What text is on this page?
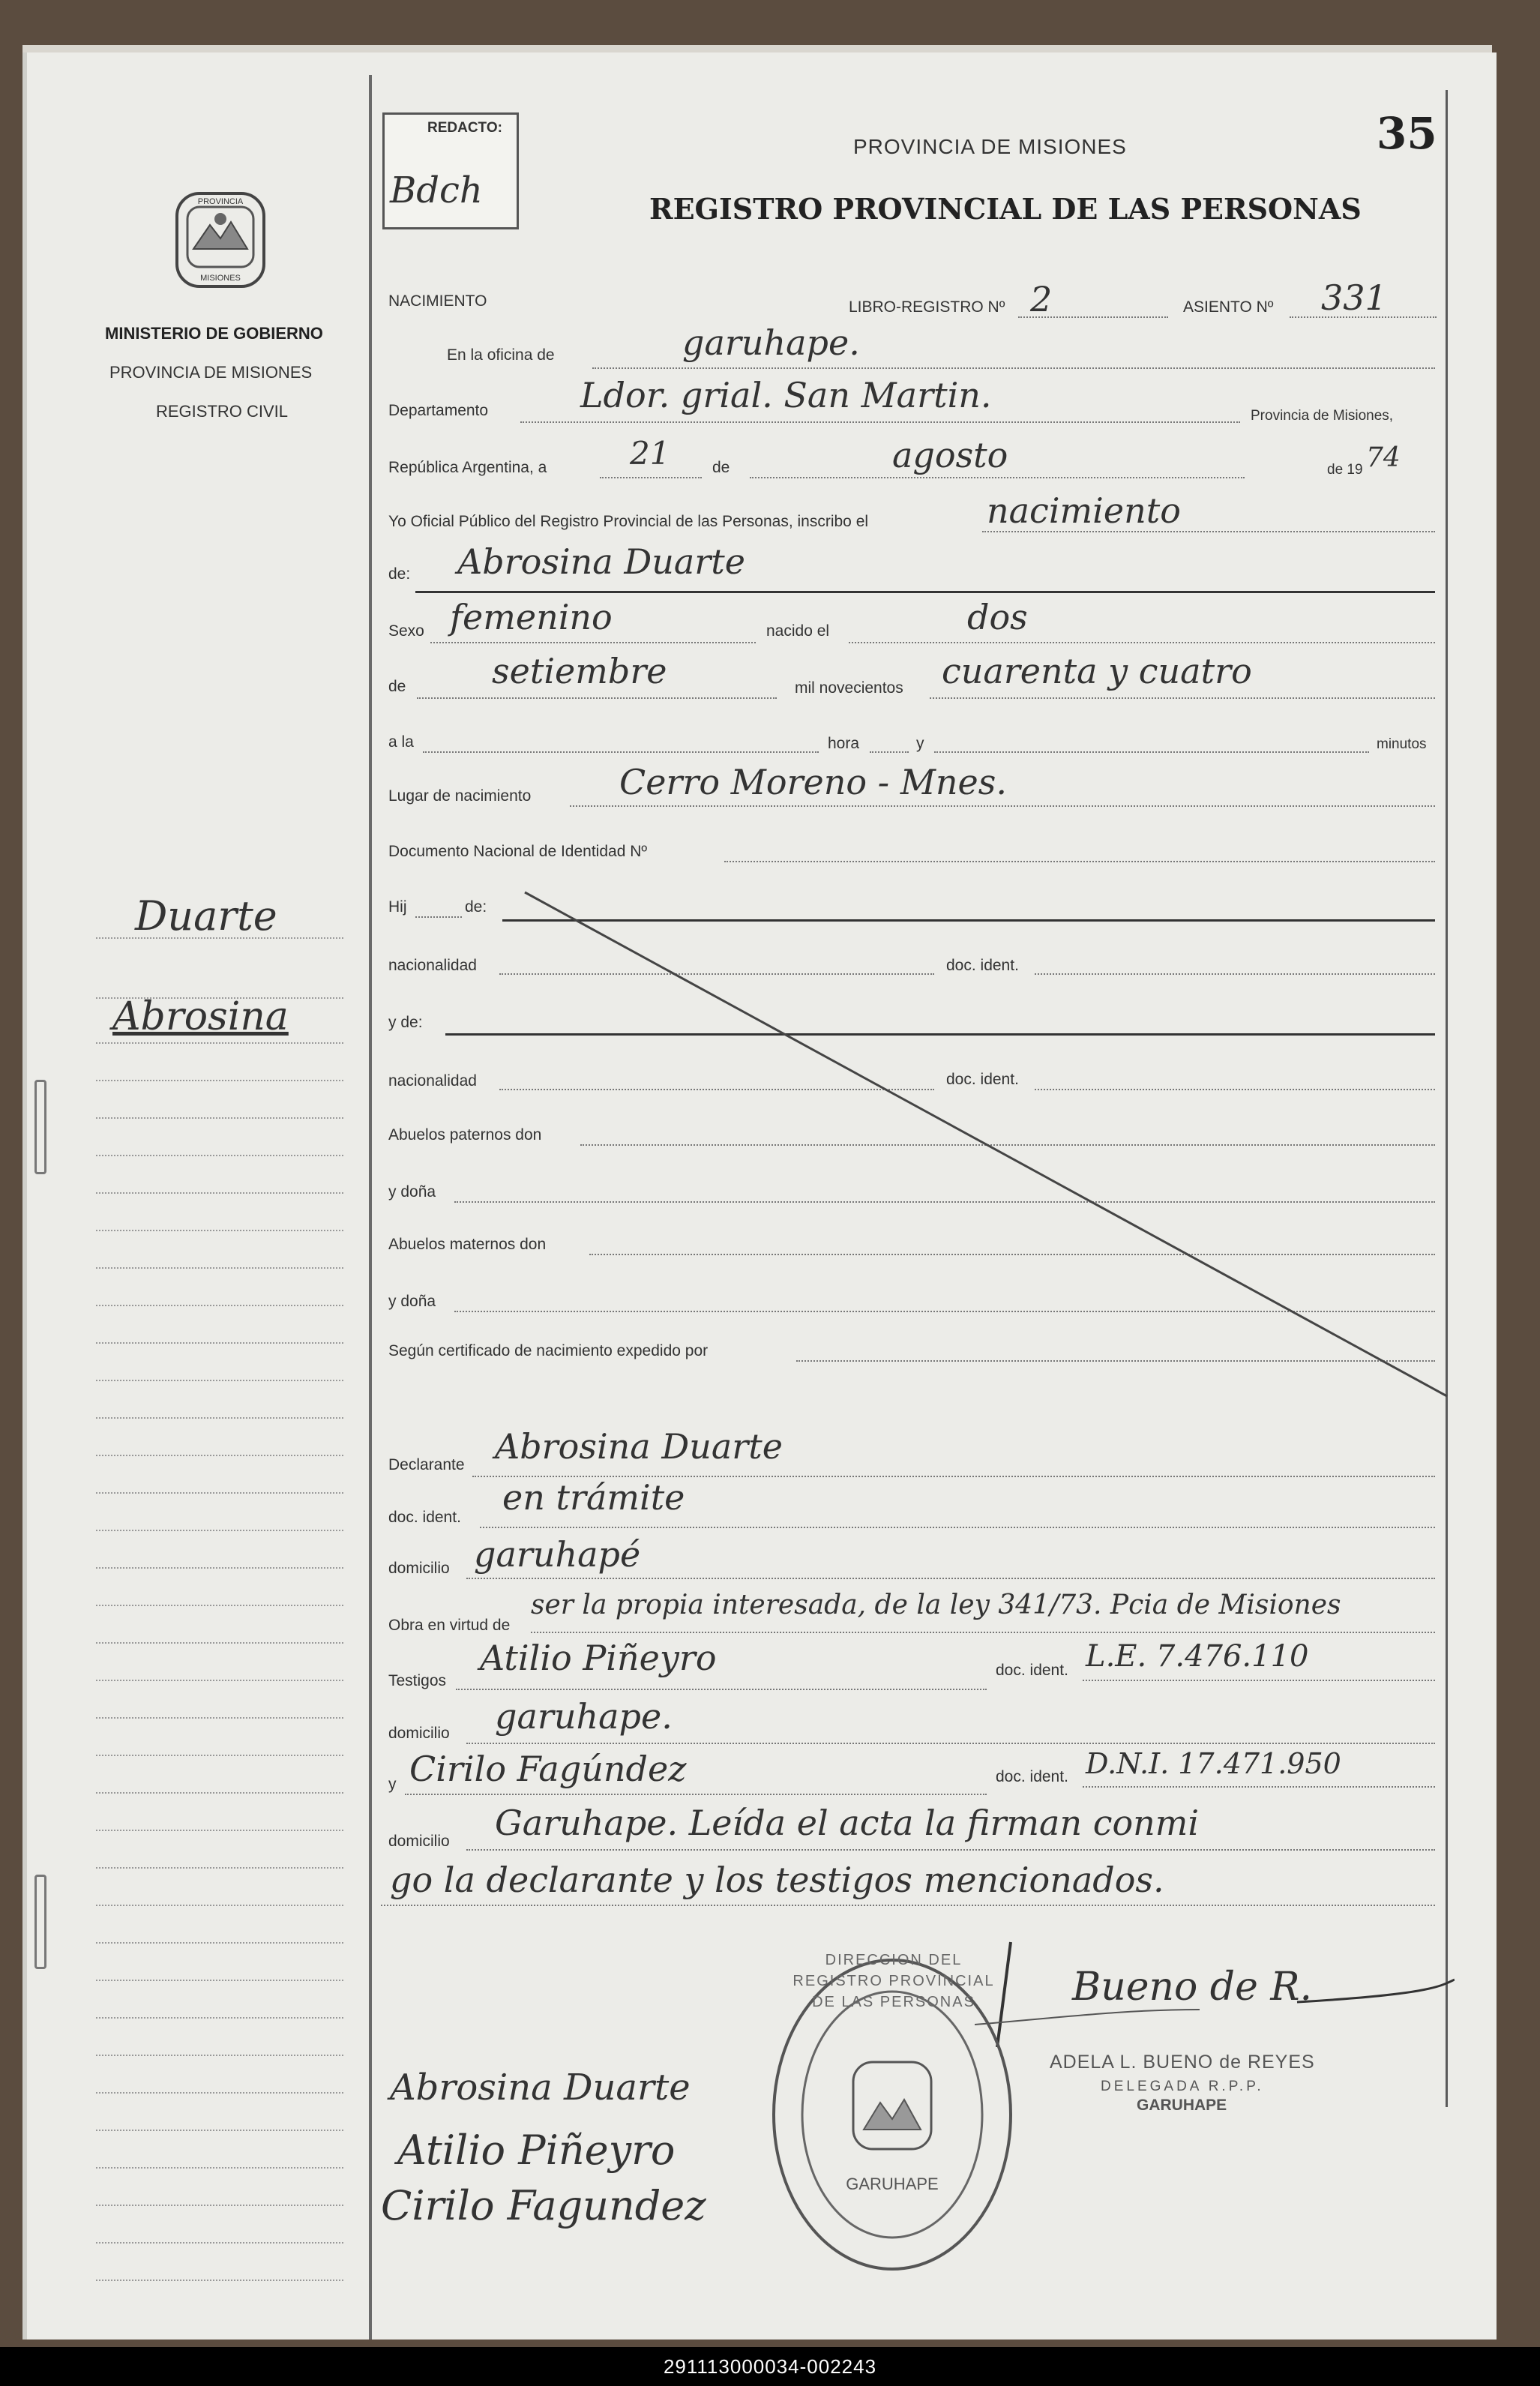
35
REDACTO:
Bdch
PROVINCIA DE MISIONES
REGISTRO PROVINCIAL DE LAS PERSONAS
PROVINCIA
MISIONES
MINISTERIO DE GOBIERNO
PROVINCIA DE MISIONES
REGISTRO CIVIL
Duarte
Abrosina
NACIMIENTO	LIBRO-REGISTRO Nº 2	ASIENTO Nº 331
En la oficina de	garuhape.
Departamento	Ldor. grial. San Martin.
Provincia de Misiones,
República Argentina, a	21	de	agosto	de 19 74
Yo Oficial Público del Registro Provincial de las Personas, inscribo el	nacimiento
de: Abrosina Duarte
Sexo femenino	nacido el	dos
de setiembre	mil novecientos cuarenta y cuatro
a la	hora	y	minutos
Lugar de nacimiento	Cerro Moreno - Mnes.
Documento Nacional de Identidad Nº
Hij	de:
nacionalidad	doc. ident.
y de:
nacionalidad	doc. ident.
Abuelos paternos don
y doña
Abuelos maternos don
y doña
Según certificado de nacimiento expedido por
Declarante Abrosina Duarte
doc. ident. en trámite
domicilio garuhapé
Obra en virtud de
ser la propia interesada, de la ley 341/73. Pcia de Misiones
Testigos
Atilio Piñeyro	doc. ident. L.E. 7.476.110
domicilio garuhape.
y Cirilo Fagúndez	doc. ident. D.N.I. 17.471.950
domicilio Garuhape. Leída el acta la firman conmi
go la declarante y los testigos mencionados.
Bueno de R.
ADELA L. BUENO de REYES
DELEGADA R.P.P.
GARUHAPE
GARUHAPE
DIRECCION DEL REGISTRO PROVINCIAL DE LAS PERSONAS
Abrosina Duarte
Atilio Piñeyro
Cirilo Fagundez
291113000034-002243
